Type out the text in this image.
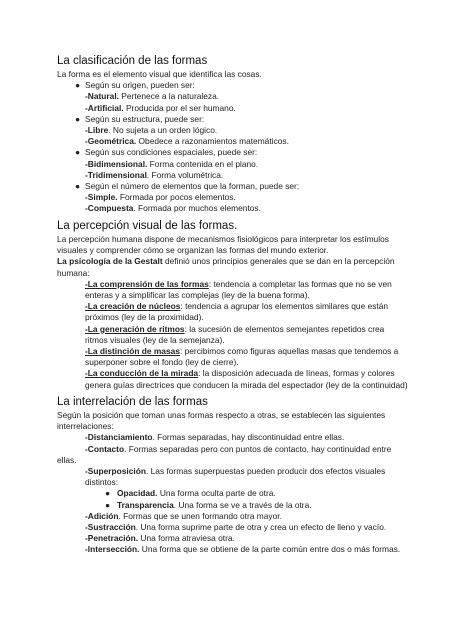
La clasificación de las formas

La forma es el elemento visual que identifica las cosas.

● Según su origen, pueden ser:
-Natural. Pertenece a la naturaleza.
-Artificial. Producida por el ser humano.
● Según su estructura, puede ser:
-Libre. No sujeta a un orden lógico.
-Geométrica. Obedece a razonamientos matemáticos.
● Según sus condiciones espaciales, puede ser:
-Bidimensional. Forma contenida en el plano.
-Tridimensional. Forma volumétrica.
● Según el número de elementos que la forman, puede ser:
-Simple. Formada por pocos elementos.
-Compuesta. Formada por muchos elementos.
La percepción visual de las formas.

La percepción humana dispone de mecanismos fisiológicos para interpretar los estímulos
visuales y comprender cómo se organizan las formas del mundo exterior.

La psicología de la Gestalt definió unos principios generales que se dan en la percepción
humana:

-La comprensión de las formas: tendencia a completar las formas que no se ven
enteras y a simplificar las complejas (ley de la buena forma).
-La creación de núcleos: tendencia a agrupar los elementos similares que están
próximos (ley de la proximidad).
-La generación de ritmos: la sucesión de elementos semejantes repetidos crea
ritmos visuales (ley de la semejanza).
-La distinción de masas: percibimos como figuras aquellas masas que tendemos a
superponer sobre el fondo (ley de cierre).
-La conducción de la mirada: la disposición adecuada de líneas, formas y colores
genera guías directrices que conducen la mirada del espectador (ley de la continuidad)
La interrelación de las formas

Según la posición que toman unas formas respecto a otras, se establecen las siguientes
interrelaciones:

-Distanciamiento. Formas separadas, hay discontinuidad entre ellas.
-Contacto. Formas separadas pero con puntos de contacto, hay continuidad entre

ellas.

-Superposición. Las formas superpuestas pueden producir dos efectos visuales
distintos:
● Opacidad. Una forma oculta parte de otra.
● Transparencia. Una forma se ve a través de la otra.
-Adición. Formas que se unen formando otra mayor.
-Sustracción. Una forma suprime parte de otra y crea un efecto de lleno y vacío.
-Penetración. Una forma atraviesa otra.
-Intersección. Una forma que se obtiene de la parte común entre dos o más formas.
